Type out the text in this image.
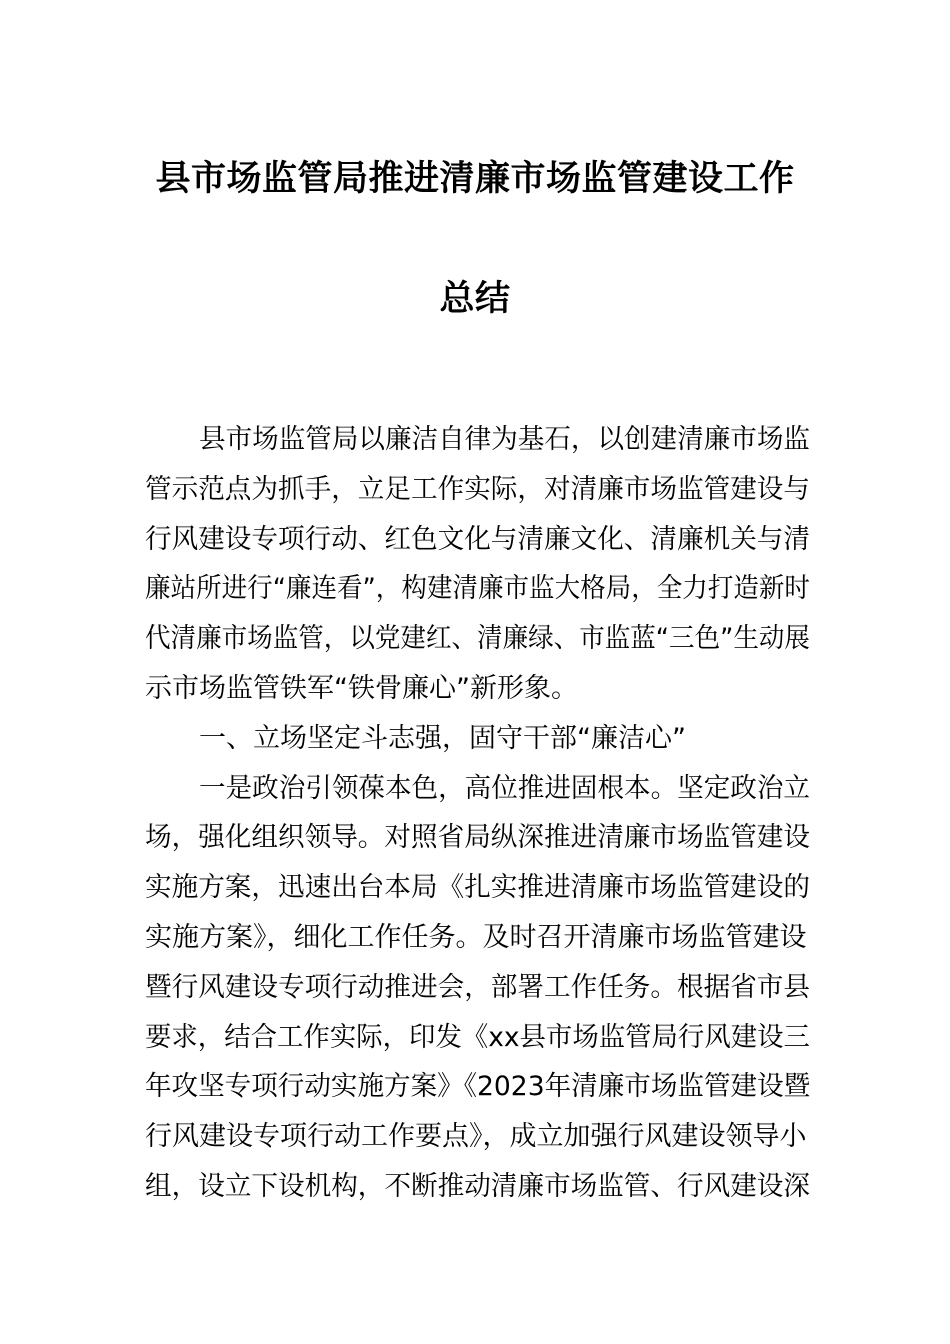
县市场监管局推进清廉市场监管建设工作
总结
县市场监管局以廉洁自律为基石，以创建清廉市场监
管示范点为抓手，立足工作实际，对清廉市场监管建设与
行风建设专项行动、红色文化与清廉文化、清廉机关与清
廉站所进行“廉连看”，构建清廉市监大格局，全力打造新时
代清廉市场监管，以党建红、清廉绿、市监蓝“三色”生动展
示市场监管铁军“铁骨廉心”新形象。
一、立场坚定斗志强，固守干部“廉洁心”
一是政治引领葆本色，高位推进固根本。坚定政治立
场，强化组织领导。对照省局纵深推进清廉市场监管建设
实施方案，迅速出台本局《扎实推进清廉市场监管建设的
实施方案》，细化工作任务。及时召开清廉市场监管建设
暨行风建设专项行动推进会，部署工作任务。根据省市县
要求，结合工作实际，印发《xx县市场监管局行风建设三
年攻坚专项行动实施方案》《2023年清廉市场监管建设暨
行风建设专项行动工作要点》，成立加强行风建设领导小
组，设立下设机构，不断推动清廉市场监管、行风建设深
